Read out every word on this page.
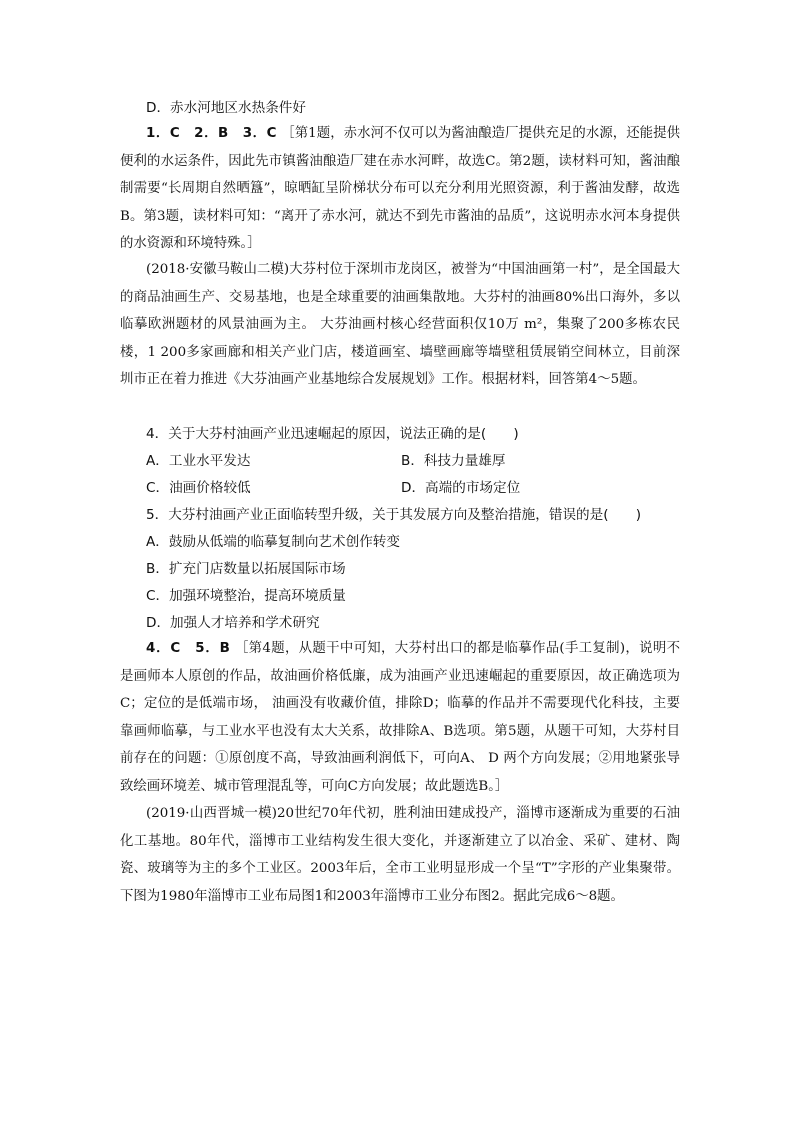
D．赤水河地区水热条件好

1．C　2．B　3．C ［第1题，赤水河不仅可以为酱油酿造厂提供充足的水源，还能提供便利的水运条件，因此先市镇酱油酿造厂建在赤水河畔，故选C。第2题，读材料可知，酱油酿制需要“长周期自然晒簋”，晾晒缸呈阶梯状分布可以充分利用光照资源，利于酱油发酵，故选B。第3题，读材料可知：“离开了赤水河，就达不到先市酱油的品质”，这说明赤水河本身提供的水资源和环境特殊。］

(2018·安徽马鞍山二模)大芬村位于深圳市龙岗区，被誉为“中国油画第一村”，是全国最大的商品油画生产、交易基地，也是全球重要的油画集散地。大芬村的油画80%出口海外，多以临摹欧洲题材的风景油画为主。 大芬油画村核心经营面积仅10万 m²，集聚了200多栋农民楼，1 200多家画廊和相关产业门店，楼道画室、墙壁画廊等墙壁租赁展销空间林立，目前深圳市正在着力推进《大芬油画产业基地综合发展规划》工作。根据材料，回答第4～5题。

4．关于大芬村油画产业迅速崛起的原因，说法正确的是(　　)

A．工业水平发达	B．科技力量雄厚

C．油画价格较低	D．高端的市场定位

5．大芬村油画产业正面临转型升级，关于其发展方向及整治措施，错误的是(　　)

A．鼓励从低端的临摹复制向艺术创作转变

B．扩充门店数量以拓展国际市场

C．加强环境整治，提高环境质量

D．加强人才培养和学术研究

4．C　5．B ［第4题，从题干中可知，大芬村出口的都是临摹作品(手工复制)，说明不是画师本人原创的作品，故油画价格低廉，成为油画产业迅速崛起的重要原因，故正确选项为C；定位的是低端市场， 油画没有收藏价值，排除D；临摹的作品并不需要现代化科技，主要靠画师临摹，与工业水平也没有太大关系，故排除A、B选项。第5题，从题干可知，大芬村目前存在的问题：①原创度不高，导致油画利润低下，可向A、 D 两个方向发展；②用地紧张导致绘画环境差、城市管理混乱等，可向C方向发展；故此题选B。］

(2019·山西晋城一模)20世纪70年代初，胜利油田建成投产，淄博市逐渐成为重要的石油化工基地。80年代，淄博市工业结构发生很大变化，并逐渐建立了以冶金、采矿、建材、陶瓷、玻璃等为主的多个工业区。2003年后，全市工业明显形成一个呈“T”字形的产业集聚带。下图为1980年淄博市工业布局图1和2003年淄博市工业分布图2。据此完成6～8题。
